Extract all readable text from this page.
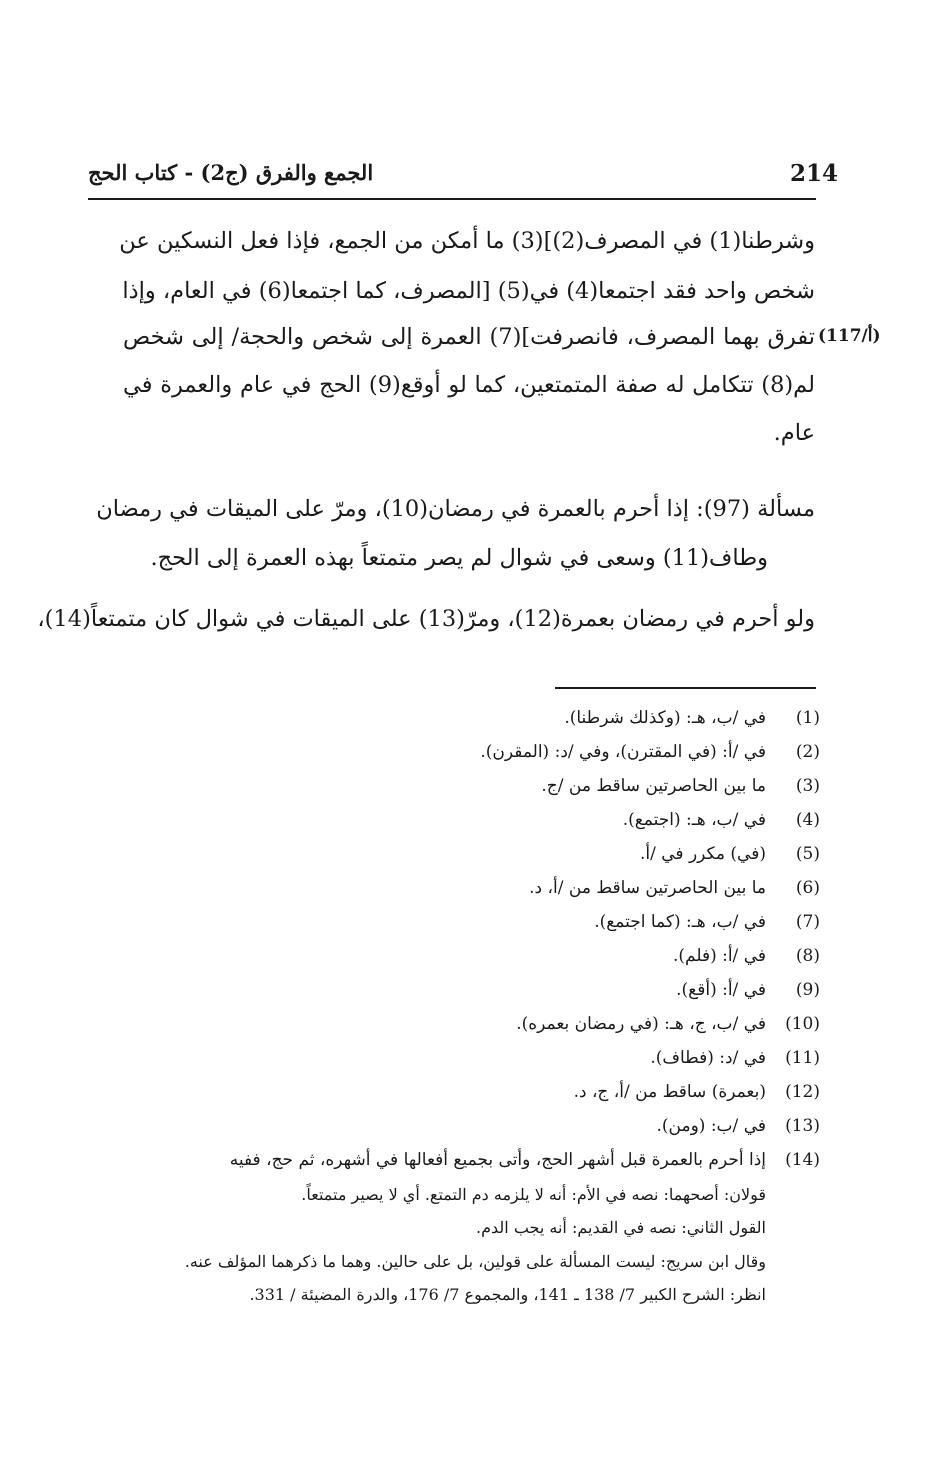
214
الجمع والفرق (ج2) - كتاب الحج
وشرطنا(1) في المصرف(2)](3) ما أمكن من الجمع، فإذا فعل النسكين عن
شخص واحد فقد اجتمعا(4) في(5) [المصرف، كما اجتمعا(6) في العام، وإذا
تفرق بهما المصرف، فانصرفت](7) العمرة إلى شخص والحجة/ إلى شخص
لم(8) تتكامل له صفة المتمتعين، كما لو أوقع(9) الحج في عام والعمرة في
عام.
(117/أ)
مسألة (97): إذا أحرم بالعمرة في رمضان(10)، ومرّ على الميقات في رمضان
وطاف(11) وسعى في شوال لم يصر متمتعاً بهذه العمرة إلى الحج.
ولو أحرم في رمضان بعمرة(12)، ومرّ(13) على الميقات في شوال كان متمتعاً(14)،
(1)
في /ب، هـ: (وكذلك شرطنا).
(2)
في /أ: (في المقترن)، وفي /د: (المقرن).
(3)
ما بين الحاصرتين ساقط من /ج.
(4)
في /ب، هـ: (اجتمع).
(5)
(في) مكرر في /أ.
(6)
ما بين الحاصرتين ساقط من /أ، د.
(7)
في /ب، هـ: (كما اجتمع).
(8)
في /أ: (فلم).
(9)
في /أ: (أقع).
(10)
في /ب، ج، هـ: (في رمضان بعمره).
(11)
في /د: (فطاف).
(12)
(بعمرة) ساقط من /أ، ج، د.
(13)
في /ب: (ومن).
(14)
إذا أحرم بالعمرة قبل أشهر الحج، وأتى بجميع أفعالها في أشهره، ثم حج، ففيه
قولان: أصحهما: نصه في الأم: أنه لا يلزمه دم التمتع. أي لا يصير متمتعاً.
القول الثاني: نصه في القديم: أنه يجب الدم.
وقال ابن سريج: ليست المسألة على قولين، بل على حالين. وهما ما ذكرهما المؤلف عنه.
انظر: الشرح الكبير 7/ 138 ـ 141، والمجموع 7/ 176، والدرة المضيئة / 331.
